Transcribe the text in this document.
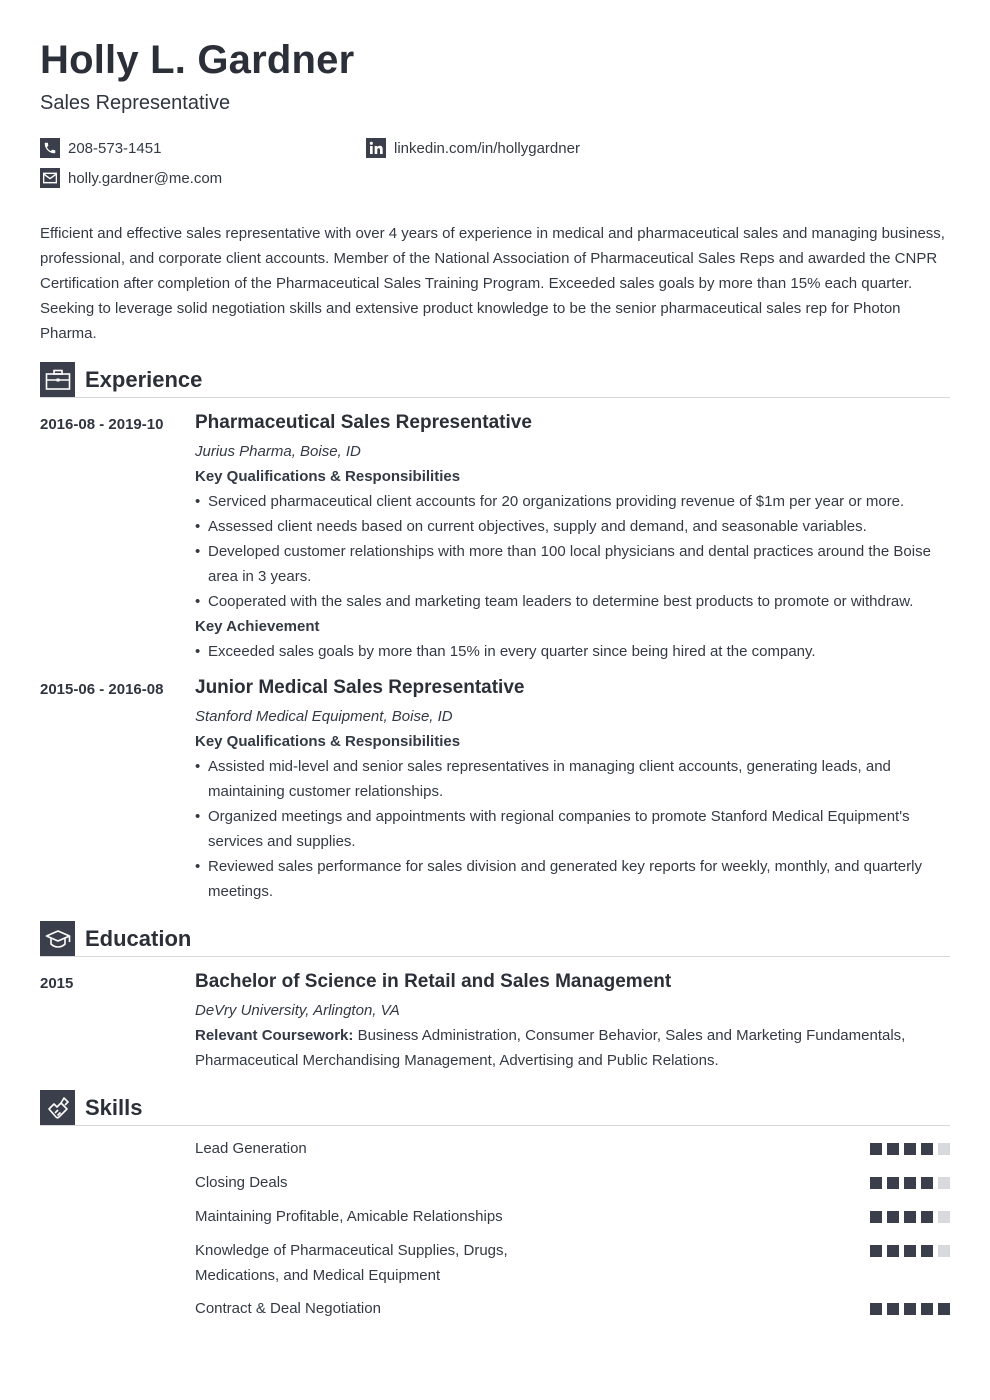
Holly L. Gardner
Sales Representative
208-573-1451
holly.gardner@me.com
linkedin.com/in/hollygardner

Efficient and effective sales representative with over 4 years of experience in medical and pharmaceutical sales and managing business, professional, and corporate client accounts. Member of the National Association of Pharmaceutical Sales Reps and awarded the CNPR Certification after completion of the Pharmaceutical Sales Training Program. Exceeded sales goals by more than 15% each quarter. Seeking to leverage solid negotiation skills and extensive product knowledge to be the senior pharmaceutical sales rep for Photon Pharma.

Experience
2016-08 - 2019-10 Pharmaceutical Sales Representative
Jurius Pharma, Boise, ID
Key Qualifications & Responsibilities
• Serviced pharmaceutical client accounts for 20 organizations providing revenue of $1m per year or more.
• Assessed client needs based on current objectives, supply and demand, and seasonable variables.
• Developed customer relationships with more than 100 local physicians and dental practices around the Boise area in 3 years.
• Cooperated with the sales and marketing team leaders to determine best products to promote or withdraw.
Key Achievement
• Exceeded sales goals by more than 15% in every quarter since being hired at the company.
2015-06 - 2016-08 Junior Medical Sales Representative
Stanford Medical Equipment, Boise, ID
Key Qualifications & Responsibilities
• Assisted mid-level and senior sales representatives in managing client accounts, generating leads, and maintaining customer relationships.
• Organized meetings and appointments with regional companies to promote Stanford Medical Equipment's services and supplies.
• Reviewed sales performance for sales division and generated key reports for weekly, monthly, and quarterly meetings.
Education
2015	Bachelor of Science in Retail and Sales Management
DeVry University, Arlington, VA
Relevant Coursework: Business Administration, Consumer Behavior, Sales and Marketing Fundamentals, Pharmaceutical Merchandising Management, Advertising and Public Relations.
Skills
Lead Generation
Closing Deals
Maintaining Profitable, Amicable Relationships
Knowledge of Pharmaceutical Supplies, Drugs, Medications, and Medical Equipment
Contract & Deal Negotiation
